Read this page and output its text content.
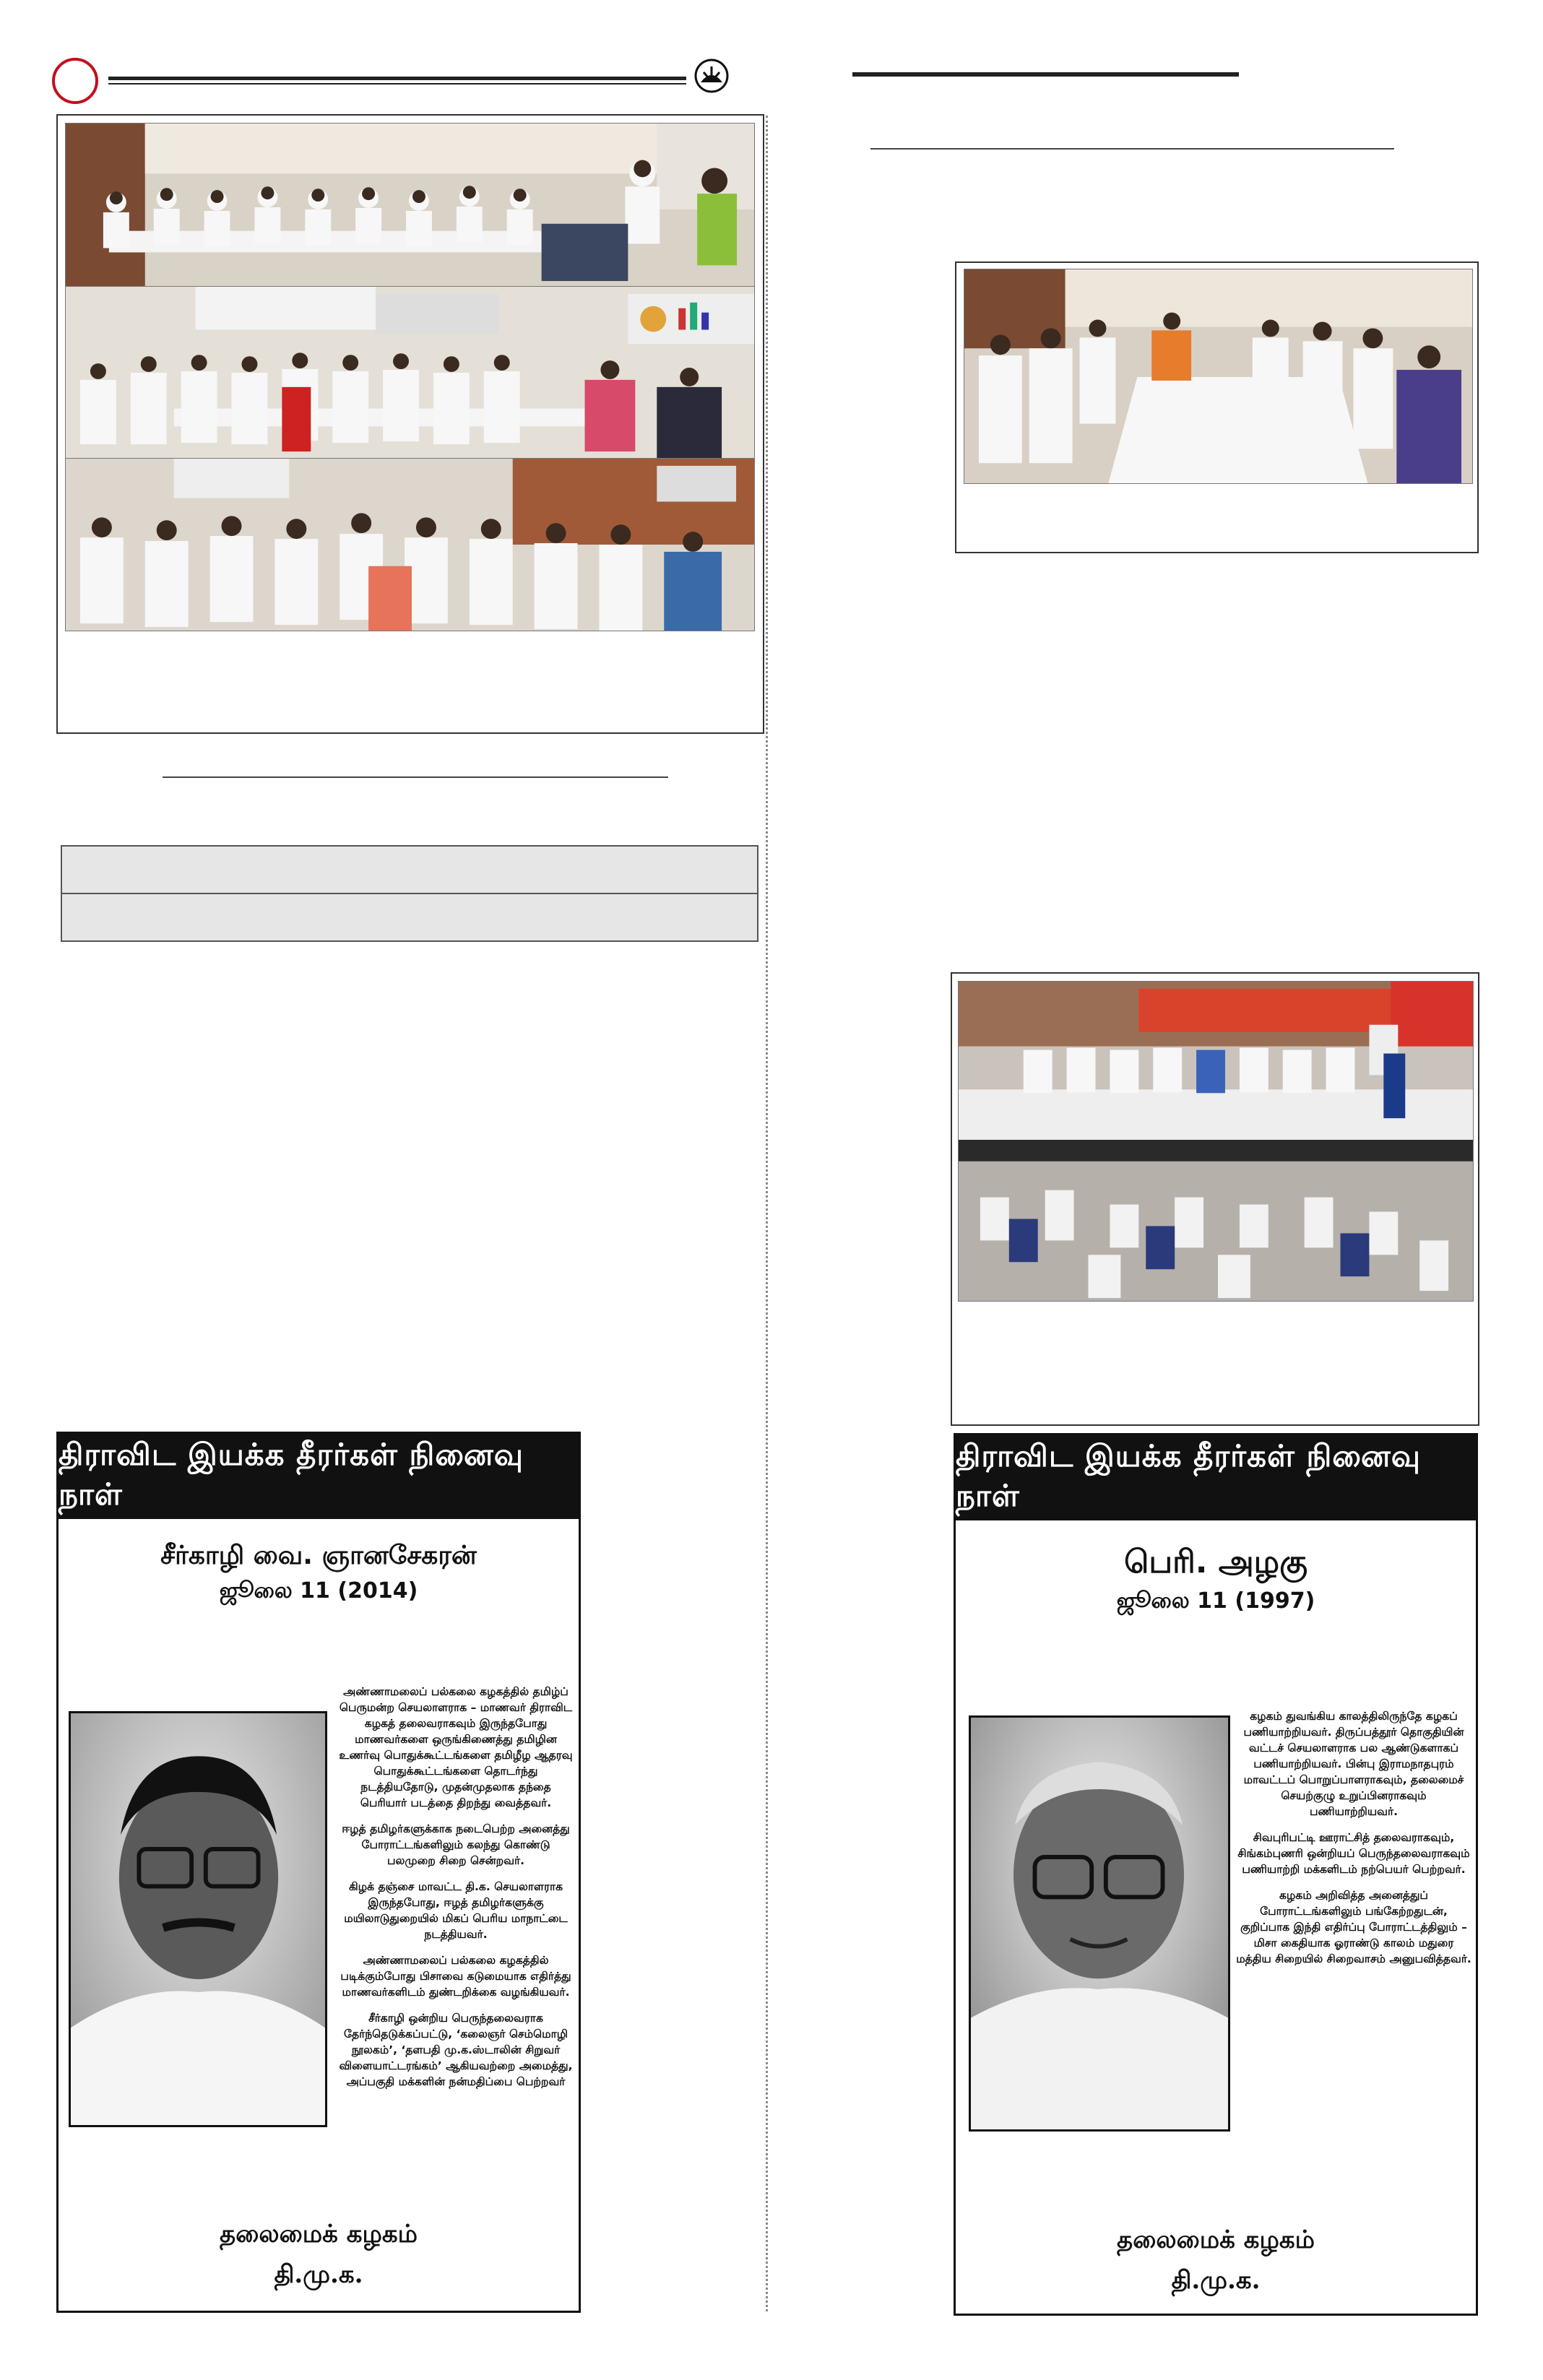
திராவிட இயக்க தீரர்கள் நினைவு நாள்
சீர்காழி வை. ஞானசேகரன்
ஜூலை 11 (2014)

அண்ணாமலைப் பல்கலை கழகத்தில் தமிழ்ப் பெருமன்ற செயலாளராக – மாணவர் திராவிட கழகத் தலைவராகவும் இருந்தபோது மாணவர்களை ஒருங்கிணைத்து தமிழின உணர்வு பொதுக்கூட்டங்களை தமிழீழ ஆதரவு பொதுக்கூட்டங்களை தொடர்ந்து நடத்தியதோடு, முதன்முதலாக தந்தை பெரியார் படத்தை திறந்து வைத்தவர்.

ஈழத் தமிழர்களுக்காக நடைபெற்ற அனைத்து போராட்டங்களிலும் கலந்து கொண்டு பலமுறை சிறை சென்றவர்.

கிழக் தஞ்சை மாவட்ட தி.க. செயலாளராக இருந்தபோது, ஈழத் தமிழர்களுக்கு மயிலாடுதுறையில் மிகப் பெரிய மாநாட்டை நடத்தியவர்.

அண்ணாமலைப் பல்கலை கழகத்தில் படிக்கும்போது பிசாவை கடுமையாக எதிர்த்து மாணவர்களிடம் துண்டறிக்கை வழங்கியவர்.

சீர்காழி ஒன்றிய பெருந்தலைவராக தேர்ந்தெடுக்கப்பட்டு, ‘கலைஞர் செம்மொழி நூலகம்’, ‘தளபதி மு.க.ஸ்டாலின் சிறுவர் விளையாட்டரங்கம்’ ஆகியவற்றை அமைத்து, அப்பகுதி மக்களின் நன்மதிப்பை பெற்றவர்

தலைமைக் கழகம்
தி.மு.க.
திராவிட இயக்க தீரர்கள் நினைவு நாள்
பெரி. அழகு
ஜூலை 11 (1997)

கழகம் துவங்கிய காலத்திலிருந்தே கழகப் பணியாற்றியவர். திருப்பத்தூர் தொகுதியின் வட்டச் செயலாளராக பல ஆண்டுகளாகப் பணியாற்றியவர். பின்பு இராமநாதபுரம் மாவட்டப் பொறுப்பாளராகவும், தலைமைச் செயற்குழு உறுப்பினராகவும் பணியாற்றியவர்.

சிவபுரிபட்டி ஊராட்சித் தலைவராகவும், சிங்கம்புணரி ஒன்றியப் பெருந்தலைவராகவும் பணியாற்றி மக்களிடம் நற்பெயர் பெற்றவர்.

கழகம் அறிவித்த அனைத்துப் போராட்டங்களிலும் பங்கேற்றதுடன், குறிப்பாக இந்தி எதிர்ப்பு போராட்டத்திலும் – மிசா கைதியாக ஓராண்டு காலம் மதுரை மத்திய சிறையில் சிறைவாசம் அனுபவித்தவர்.

தலைமைக் கழகம்
தி.மு.க.
